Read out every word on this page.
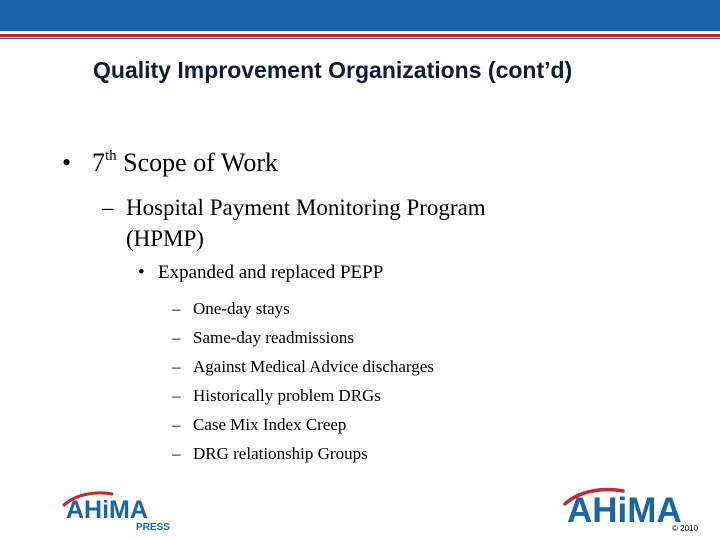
Quality Improvement Organizations (cont’d)
• 7th Scope of Work
– Hospital Payment Monitoring Program
(HPMP)
• Expanded and replaced PEPP
– One-day stays
– Same-day readmissions
– Against Medical Advice discharges
– Historically problem DRGs
– Case Mix Index Creep
– DRG relationship Groups
AHiMA
PRESS	AHiMA
© 2010
